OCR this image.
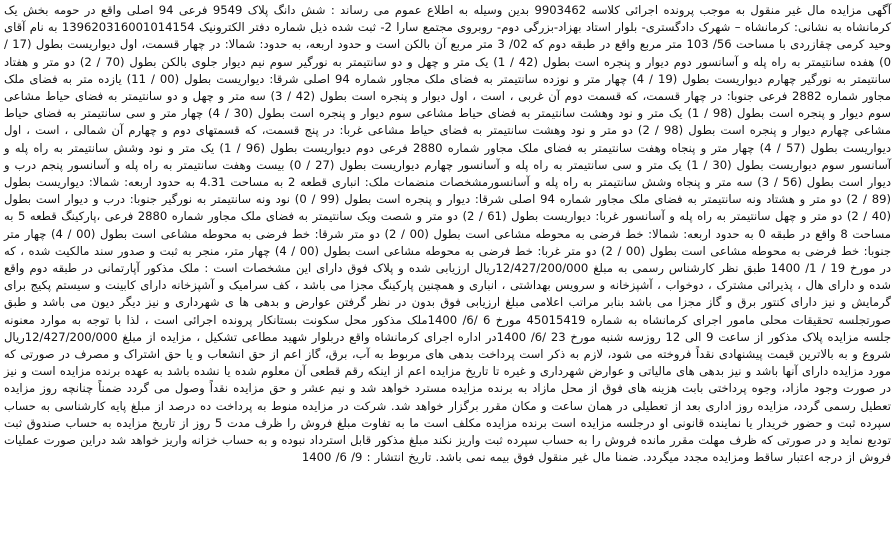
آگهی مزایده مال غیر منقول به موجب پرونده اجرائی کلاسه 9903462 بدین وسیله به اطلاع عموم می رساند : شش دانگ پلاک 9549 فرعی 94 اصلی واقع در حومه بخش یک کرمانشاه به نشانی: کرمانشاه – شهرک دادگستری- بلوار استاد بهزاد-بزرگی دوم- روبروی مجتمع سارا 2- ثبت شده ذیل شماره دفتر الکترونیک 139620316001014154 به نام آقای وحید کرمی چقازردی با مساحت 56/ 103 متر مربع واقع در طبقه دوم که 02/ 3 متر مربع آن بالکن است و حدود اربعه، به حدود: شمالا: در چهار قسمت، اول دیواریست بطول (17 / 0) هفده سانتیمتر به راه پله و آسانسور دوم دیوار و پنجره است بطول (42 / 1) یک متر و چهل و دو سانتیمتر به نورگیر سوم نیم دیوار جلوی بالکن بطول (70 / 2) دو متر و هفتاد سانتیمتر به نورگیر چهارم دیواریست بطول (19 / 4) چهار متر و نوزده سانتیمتر به فضای ملک مجاور شماره 94 اصلی شرقا: دیواریست بطول (00 / 11) یازده متر به فضای ملک مجاور شماره 2882 فرعی جنوبا: در چهار قسمت، که قسمت دوم آن غربی ، است ، اول دیوار و پنجره است بطول (42 / 3) سه متر و چهل و دو سانتیمتر به فضای حیاط مشاعی سوم دیوار و پنجره است بطول (98 / 1) یک متر و نود وهشت سانتیمتر به فضای حیاط مشاعی سوم دیوار و پنجره است بطول (30 / 4) چهار متر و سی سانتیمتر به فضای حیاط مشاعی چهارم دیوار و پنجره است بطول (98 / 2) دو متر و نود وهشت سانتیمتر به فضای حیاط مشاعی غربا: در پنج قسمت، که قسمتهای دوم و چهارم آن شمالی ، است ، اول دیواریست بطول (57 / 4) چهار متر و پنجاه وهفت سانتیمتر به فضای ملک مجاور شماره 2880 فرعی دوم دیواریست بطول (96 / 1) یک متر و نود وشش سانتیمتر به راه پله و آسانسور سوم دیواریست بطول (30 / 1) یک متر و سی سانتیمتر به راه پله و آسانسور چهارم دیواریست بطول (27 / 0) بیست وهفت سانتیمتر به راه پله و آسانسور پنجم درب و دیوار است بطول (56 / 3) سه متر و پنجاه وشش سانتیمتر به راه پله و آسانسورمشخصات منضمات ملک: انباری قطعه 2 به مساحت 4.31 به حدود اربعه: شمالا: دیواریست بطول (89 / 2) دو متر و هشتاد ونه سانتیمتر به فضای ملک مجاور شماره 94 اصلی شرقا: دیوار و پنجره است بطول (99 / 0) نود ونه سانتیمتر به نورگیر جنوبا: درب و دیوار است بطول (40 / 2) دو متر و چهل سانتیمتر به راه پله و آسانسور غربا: دیواریست بطول (61 / 2) دو متر و شصت ویک سانتیمتر به فضای ملک مجاور شماره 2880 فرعی ،پارکینگ قطعه 5 به مساحت 8 واقع در طبقه 0 به حدود اربعه: شمالا: خط فرضی به محوطه مشاعی است بطول (00 / 2) دو متر شرقا: خط فرضی به محوطه مشاعی است بطول (00 / 4) چهار متر جنوبا: خط فرضی به محوطه مشاعی است بطول (00 / 2) دو متر غربا: خط فرضی به محوطه مشاعی است بطول (00 / 4) چهار متر، منجر به ثبت و صدور سند مالکیت شده ، که در مورخ 19 / 1/ 1400 طبق نظر کارشناس رسمی به مبلغ 12/427/200/000ریال ارزیابی شده و پلاک فوق دارای این مشخصات است : ملک مذکور آپارتمانی در طبقه دوم واقع شده و دارای هال ، پذیرائی مشترک ، دوخواب ، آشپزخانه و سرویس بهداشتی ، انباری و همچنین پارکینگ مجزا می باشد ، کف سرامیک و آشپزخانه دارای کابینت و سیستم پکیج برای گرمایش و نیز دارای کنتور برق و گاز مجزا می باشد بنابر مراتب اعلامی مبلغ ارزیابی فوق بدون در نظر گرفتن عوارض و بدهی ها ی شهرداری و نیز دیگر دیون می باشد و طبق صورتجلسه تحقیقات محلی مامور اجرای کرمانشاه به شماره 45015419 مورخ 6 /6/ 1400ملک مذکور محل سکونت بستانکار پرونده اجرائی است ، لذا با توجه به موارد معنونه جلسه مزایده پلاک مذکور از ساعت 9 الی 12 روزسه شنبه مورخ 23 /6/ 1400در اداره اجرای کرمانشاه واقع دربلوار شهید مطاعی تشکیل ، مزایده از مبلغ 12/427/200/000ریال شروع و به بالاترین قیمت پیشنهادی نقداً فروخته می شود، لازم به ذکر است پرداخت بدهی های مربوط به آب، برق، گاز اعم از حق انشعاب و یا حق اشتراک و مصرف در صورتی که مورد مزایده دارای آنها باشد و نیز بدهی های مالیاتی و عوارض شهرداری و غیره تا تاریخ مزایده اعم از اینکه رقم قطعی آن معلوم شده یا نشده باشد به عهده برنده مزایده است و نیز در صورت وجود مازاد، وجوه پرداختی بابت هزینه های فوق از محل مازاد به برنده مزایده مسترد خواهد شد و نیم عشر و حق مزایده نقداً وصول می گردد ضمناً چنانچه روز مزایده تعطیل رسمی گردد، مزایده روز اداری بعد از تعطیلی در همان ساعت و مکان مقرر برگزار خواهد شد. شرکت در مزایده منوط به پرداخت ده درصد از مبلغ پایه کارشناسی به حساب سپرده ثبت و حضور خریدار یا نماینده قانونی او درجلسه مزایده است برنده مزایده مکلف است ما به تفاوت مبلغ فروش را ظرف مدت 5 روز از تاریخ مزایده به حساب صندوق ثبت تودیع نماید و در صورتی که ظرف مهلت مقرر مانده فروش را به حساب سپرده ثبت واریز نکند مبلغ مذکور قابل استرداد نبوده و به حساب خزانه واریز خواهد شد دراین صورت عملیات فروش از درجه اعتبار ساقط ومزایده مجدد میگردد. ضمنا مال غیر منقول فوق بیمه نمی باشد. تاریخ انتشار : 9/ 6/ 1400
